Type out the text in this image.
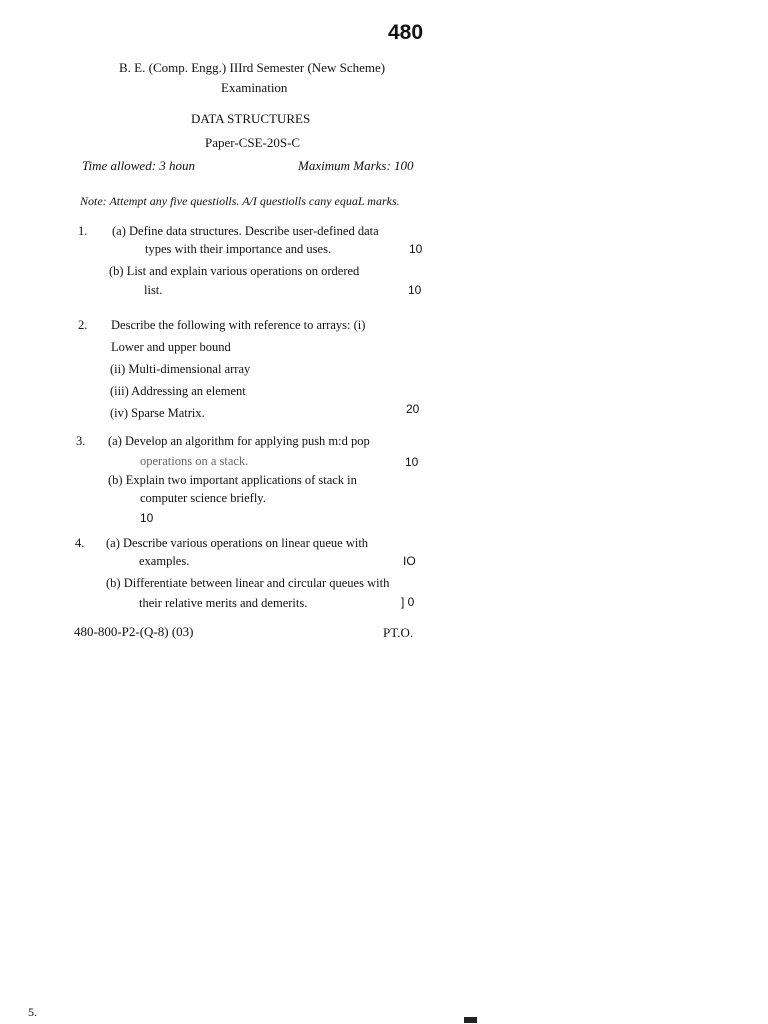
480
B. E. (Comp. Engg.) IIIrd Semester (New Scheme)
Examination
DATA STRUCTURES
Paper-CSE-20S-C
Time allowed: 3 houn	Maximum Marks: 100
Note: Attempt any five questiolls. A/I questiolls cany equaL marks.
1. (a) Define data structures. Describe user-defined data
types with their importance and uses.	10
(b) List and explain various operations on ordered
list.	10
2. Describe the following with reference to arrays: (i)
Lower and upper bound
(ii) Multi-dimensional array
(iii) Addressing an element
(iv) Sparse Matrix.	20
3. (a) Develop an algorithm for applying push m:d pop
operations on a stack.	10
(b) Explain two important applications of stack in
computer science briefly.
10
4. (a) Describe various operations on linear queue with
examples.	IO
(b) Differentiate between linear and circular queues with
their relative merits and demerits.	] 0
480-800-P2-(Q-8) (03)	PT.O.
5.
